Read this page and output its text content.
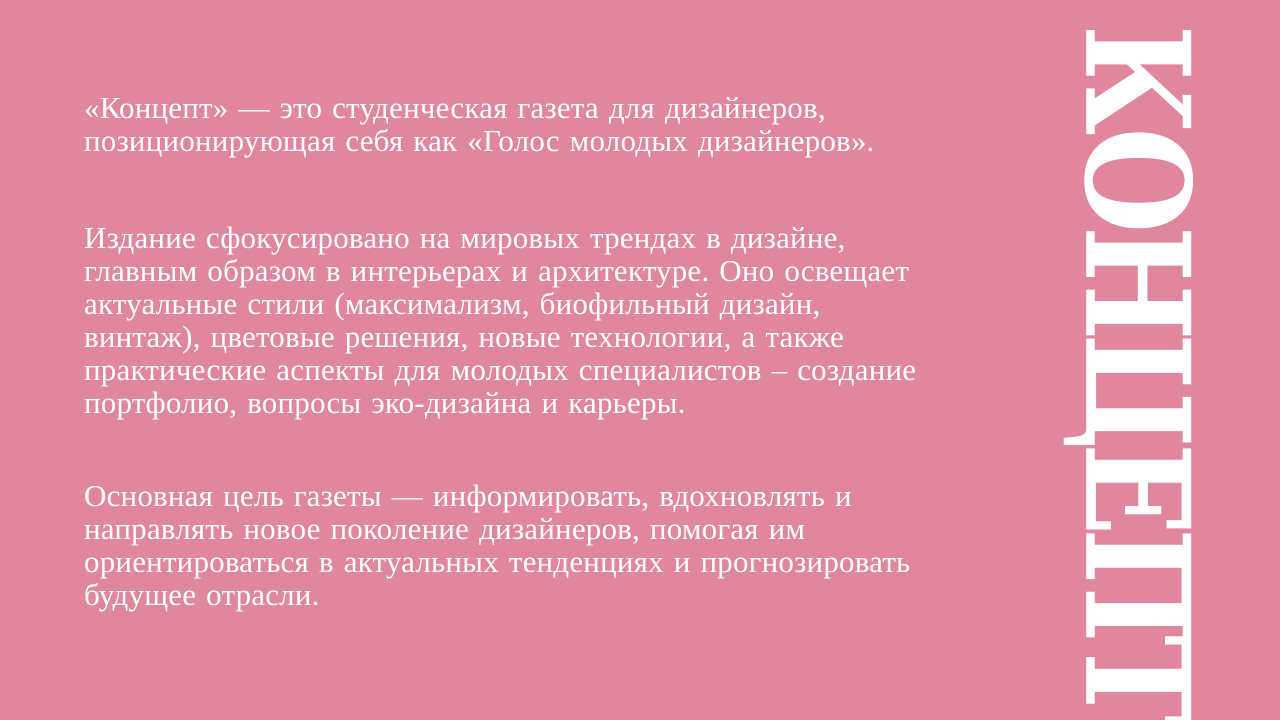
«Концепт» — это студенческая газета для дизайнеров,
позиционирующая себя как «Голос молодых дизайнеров».
Издание сфокусировано на мировых трендах в дизайне,
главным образом в интерьерах и архитектуре. Оно освещает
актуальные стили (максимализм, биофильный дизайн,
винтаж), цветовые решения, новые технологии, а также
практические аспекты для молодых специалистов – создание
портфолио, вопросы эко-дизайна и карьеры.
Основная цель газеты — информировать, вдохновлять и
направлять новое поколение дизайнеров, помогая им
ориентироваться в актуальных тенденциях и прогнозировать
будущее отрасли.	КОНЦЕПТ
